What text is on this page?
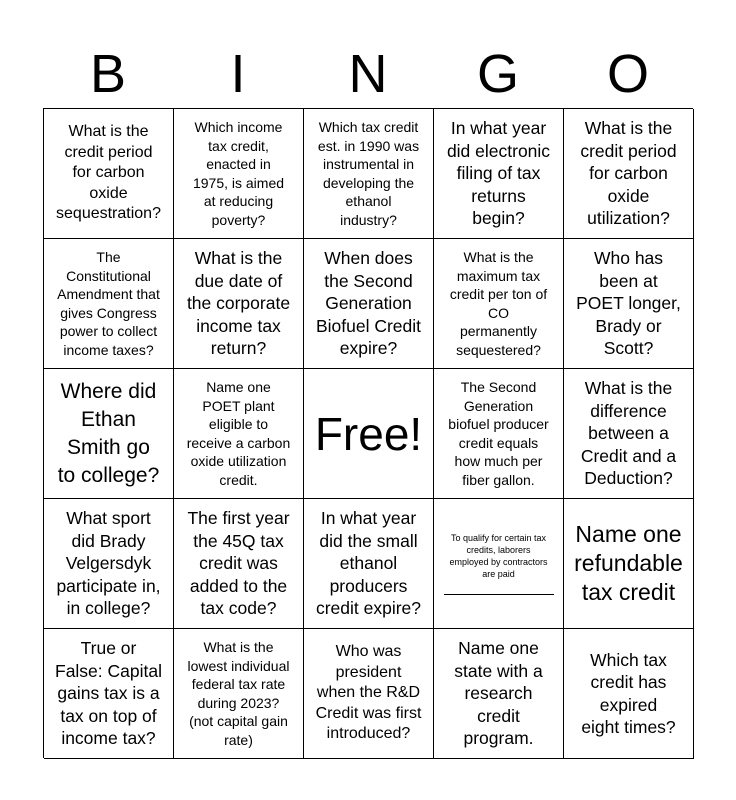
B	I	N	G	O
What is the
credit period
for carbon
oxide
sequestration?
Which income
tax credit,
enacted in
1975, is aimed
at reducing
poverty?
Which tax credit
est. in 1990 was
instrumental in
developing the
ethanol
industry?
In what year
did electronic
filing of tax
returns
begin?
What is the
credit period
for carbon
oxide
utilization?
The
Constitutional
Amendment that
gives Congress
power to collect
income taxes?
What is the
due date of
the corporate
income tax
return?
When does
the Second
Generation
Biofuel Credit
expire?
What is the
maximum tax
credit per ton of
CO
permanently
sequestered?
Who has
been at
POET longer,
Brady or
Scott?
Where did
Ethan
Smith go
to college?
Name one
POET plant
eligible to
receive a carbon
oxide utilization
credit.
Free!
The Second
Generation
biofuel producer
credit equals
how much per
fiber gallon.
What is the
difference
between a
Credit and a
Deduction?
What sport
did Brady
Velgersdyk
participate in,
in college?
The first year
the 45Q tax
credit was
added to the
tax code?
In what year
did the small
ethanol
producers
credit expire?
To qualify for certain tax
credits, laborers
employed by contractors
are paid
Name one
refundable
tax credit
True or
False: Capital
gains tax is a
tax on top of
income tax?
What is the
lowest individual
federal tax rate
during 2023?
(not capital gain
rate)
Who was
president
when the R&D
Credit was first
introduced?
Name one
state with a
research
credit
program.
Which tax
credit has
expired
eight times?
